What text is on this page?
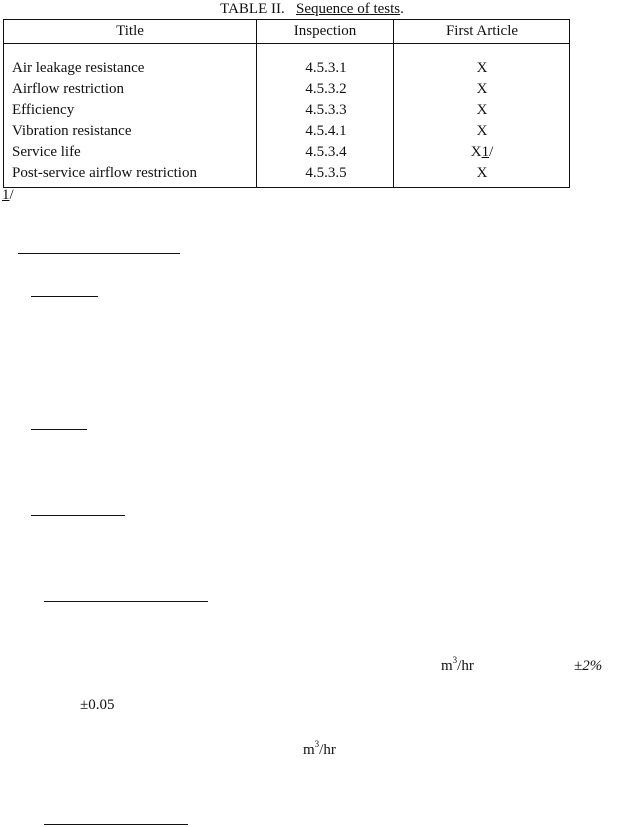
TABLE II. Sequence of tests.
Title	Inspection	First Article
Air leakage resistance	4.5.3.1	X
Airflow restriction	4.5.3.2	X
Efficiency	4.5.3.3	X
Vibration resistance	4.5.4.1	X
Service life	4.5.3.4	X1/
Post-service airflow restriction	4.5.3.5	X
1/
$m^3/hr$	±2%
±0.05
$m^3/hr$
